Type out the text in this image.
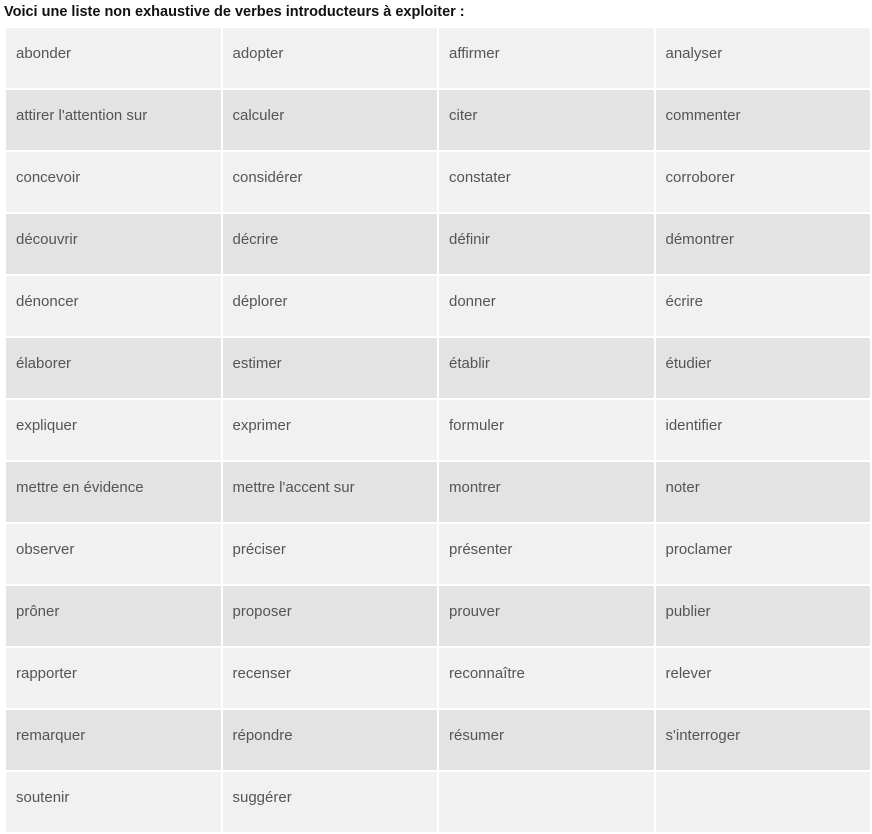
Voici une liste non exhaustive de verbes introducteurs à exploiter :
abonder	adopter	affirmer	analyser
attirer l'attention sur	calculer	citer	commenter
concevoir	considérer	constater	corroborer
découvrir	décrire	définir	démontrer
dénoncer	déplorer	donner	écrire
élaborer	estimer	établir	étudier
expliquer	exprimer	formuler	identifier
mettre en évidence	mettre l'accent sur	montrer	noter
observer	préciser	présenter	proclamer
prôner	proposer	prouver	publier
rapporter	recenser	reconnaître	relever
remarquer	répondre	résumer	s'interroger
soutenir	suggérer		
